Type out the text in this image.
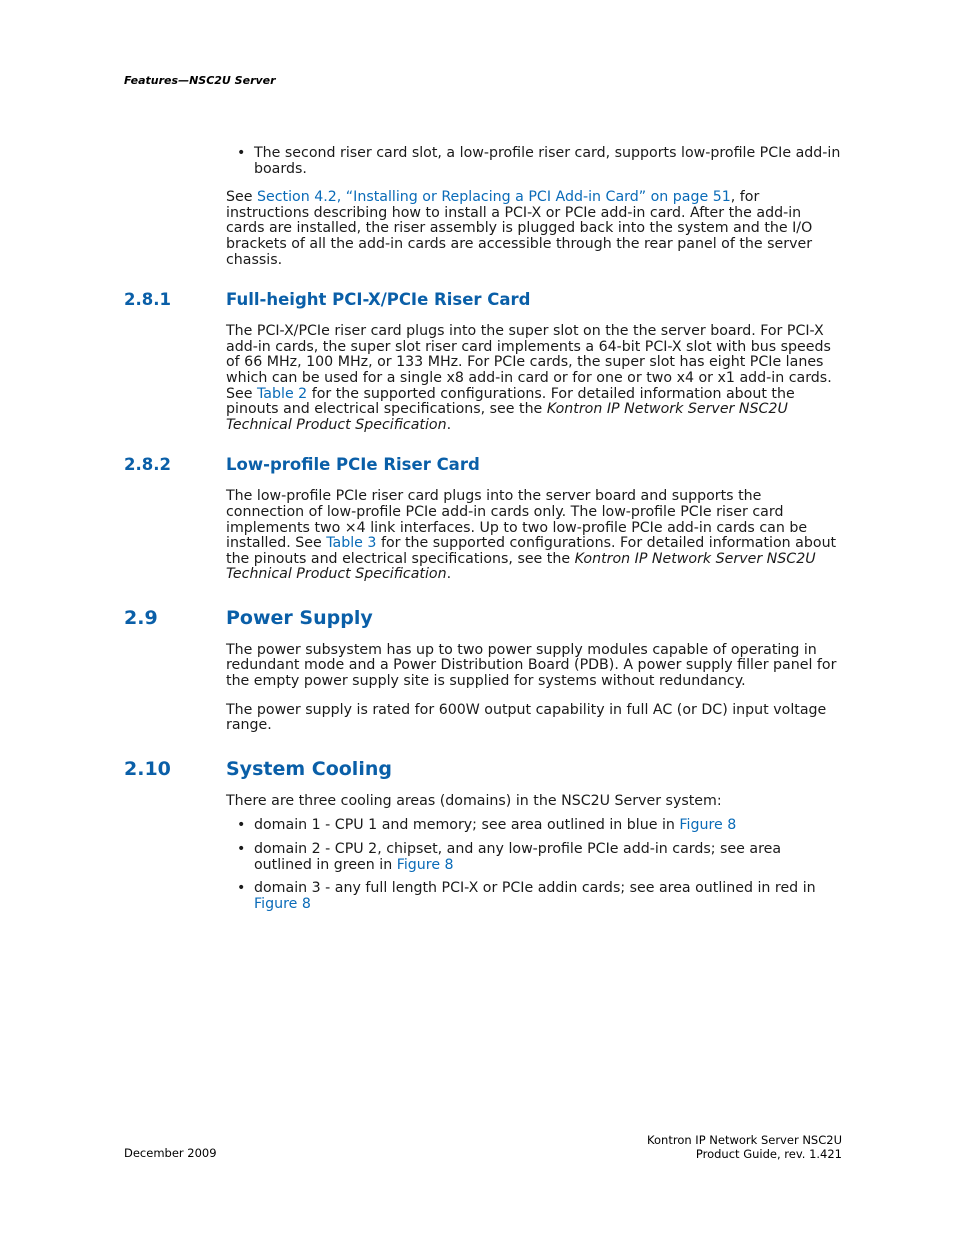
Features—NSC2U Server
• The second riser card slot, a low-profile riser card, supports low-profile PCIe add-in boards.

See Section 4.2, “Installing or Replacing a PCI Add-in Card” on page 51, for instructions describing how to install a PCI-X or PCIe add-in card. After the add-in cards are installed, the riser assembly is plugged back into the system and the I/O brackets of all the add-in cards are accessible through the rear panel of the server chassis.

2.8.1	Full-height PCI-X/PCIe Riser Card

The PCI-X/PCIe riser card plugs into the super slot on the the server board. For PCI-X add-in cards, the super slot riser card implements a 64-bit PCI-X slot with bus speeds of 66 MHz, 100 MHz, or 133 MHz. For PCIe cards, the super slot has eight PCIe lanes which can be used for a single x8 add-in card or for one or two x4 or x1 add-in cards. See Table 2 for the supported configurations. For detailed information about the pinouts and electrical specifications, see the Kontron IP Network Server NSC2U Technical Product Specification.

2.8.2	Low-profile PCIe Riser Card

The low-profile PCIe riser card plugs into the server board and supports the connection of low-profile PCIe add-in cards only. The low-profile PCIe riser card implements two ×4 link interfaces. Up to two low-profile PCIe add-in cards can be installed. See Table 3 for the supported configurations. For detailed information about the pinouts and electrical specifications, see the Kontron IP Network Server NSC2U Technical Product Specification.

2.9	Power Supply

The power subsystem has up to two power supply modules capable of operating in redundant mode and a Power Distribution Board (PDB). A power supply filler panel for the empty power supply site is supplied for systems without redundancy.

The power supply is rated for 600W output capability in full AC (or DC) input voltage range.

2.10	System Cooling

There are three cooling areas (domains) in the NSC2U Server system:

• domain 1 - CPU 1 and memory; see area outlined in blue in Figure 8
• domain 2 - CPU 2, chipset, and any low-profile PCIe add-in cards; see area outlined in green in Figure 8
• domain 3 - any full length PCI-X or PCIe addin cards; see area outlined in red in Figure 8
December 2009
Kontron IP Network Server NSC2U
Product Guide, rev. 1.421
